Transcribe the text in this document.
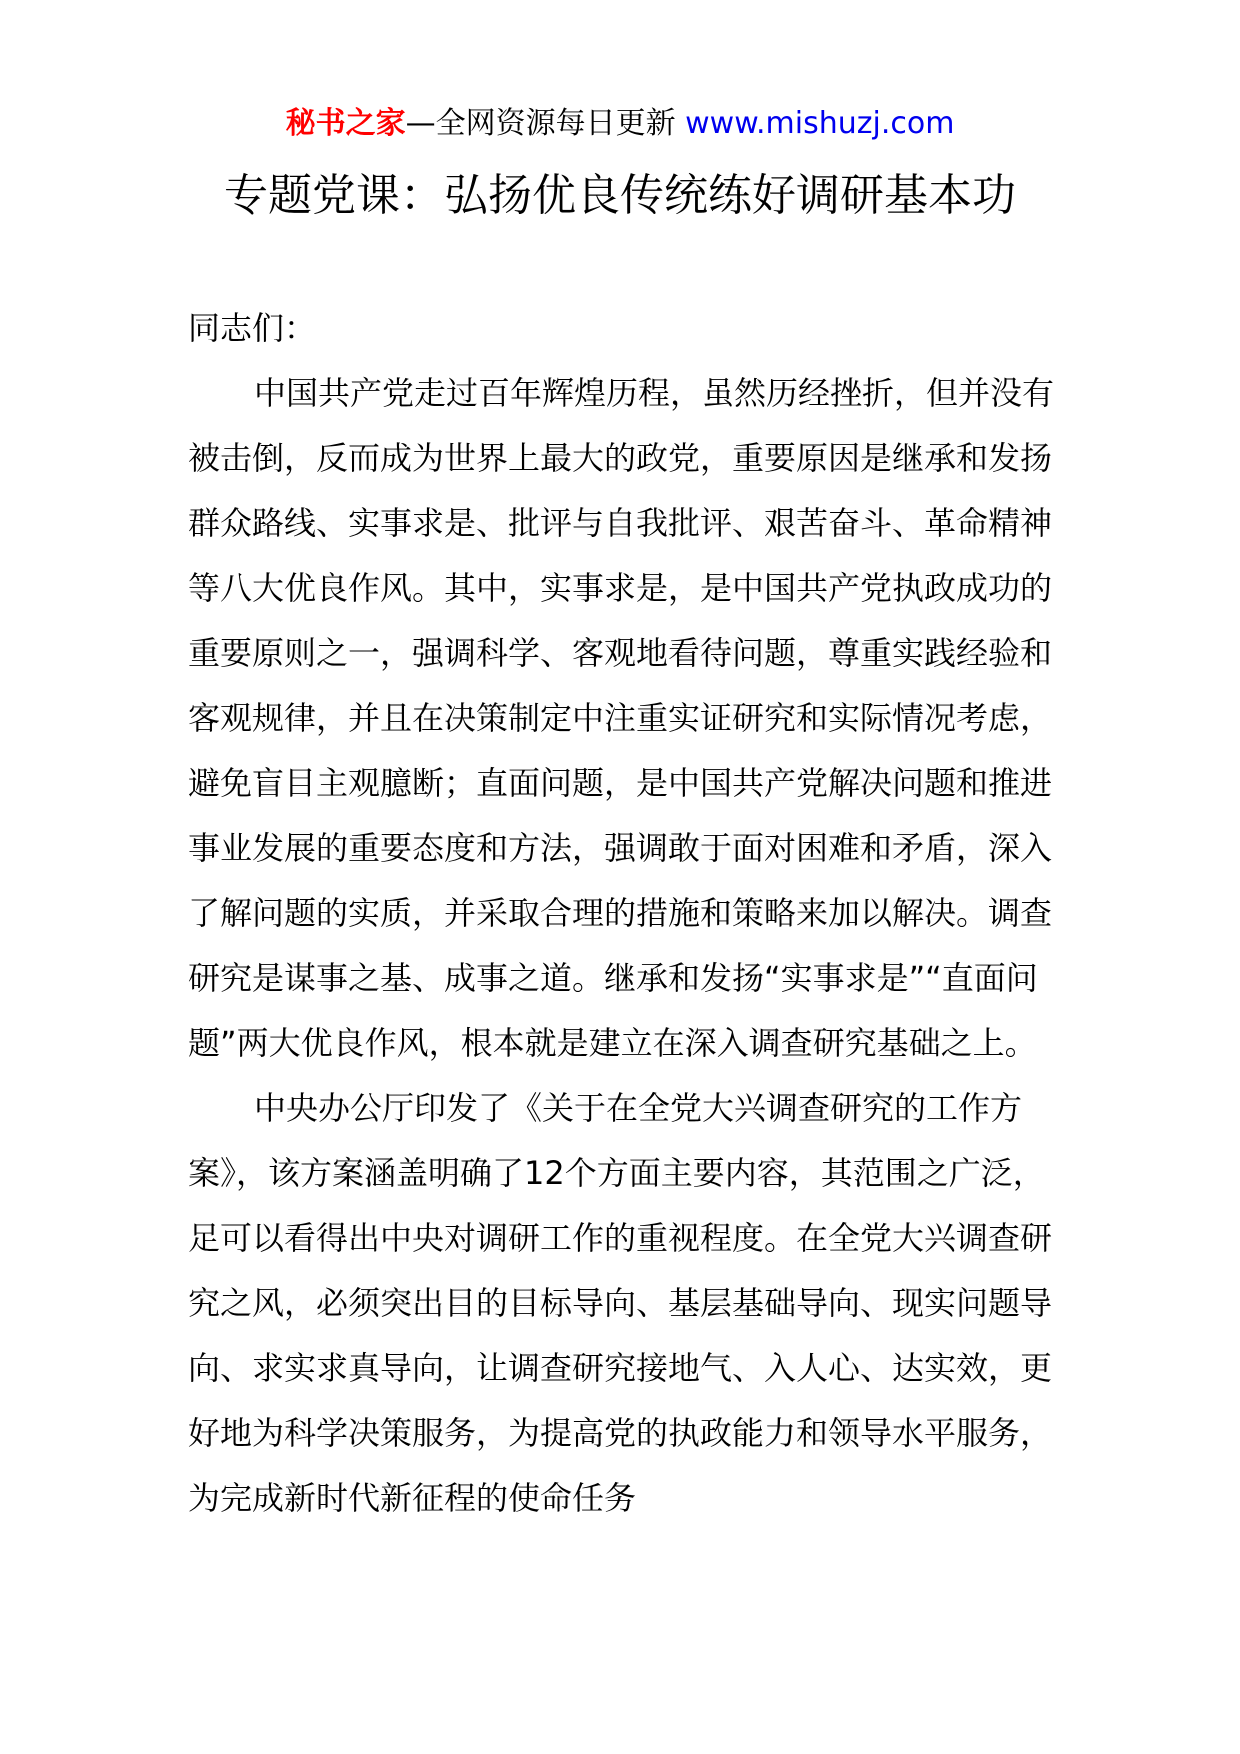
秘书之家—全网资源每日更新 www.mishuzj.com
专题党课：弘扬优良传统练好调研基本功

同志们：

中国共产党走过百年辉煌历程，虽然历经挫折，但并没有被击倒，反而成为世界上最大的政党，重要原因是继承和发扬群众路线、实事求是、批评与自我批评、艰苦奋斗、革命精神等八大优良作风。其中，实事求是，是中国共产党执政成功的重要原则之一，强调科学、客观地看待问题，尊重实践经验和客观规律，并且在决策制定中注重实证研究和实际情况考虑，避免盲目主观臆断；直面问题，是中国共产党解决问题和推进事业发展的重要态度和方法，强调敢于面对困难和矛盾，深入了解问题的实质，并采取合理的措施和策略来加以解决。调查研究是谋事之基、成事之道。继承和发扬“实事求是”“直面问题”两大优良作风，根本就是建立在深入调查研究基础之上。

中央办公厅印发了《关于在全党大兴调查研究的工作方案》，该方案涵盖明确了12个方面主要内容，其范围之广泛，足可以看得出中央对调研工作的重视程度。在全党大兴调查研究之风，必须突出目的目标导向、基层基础导向、现实问题导向、求实求真导向，让调查研究接地气、入人心、达实效，更好地为科学决策服务，为提高党的执政能力和领导水平服务，为完成新时代新征程的使命任务
